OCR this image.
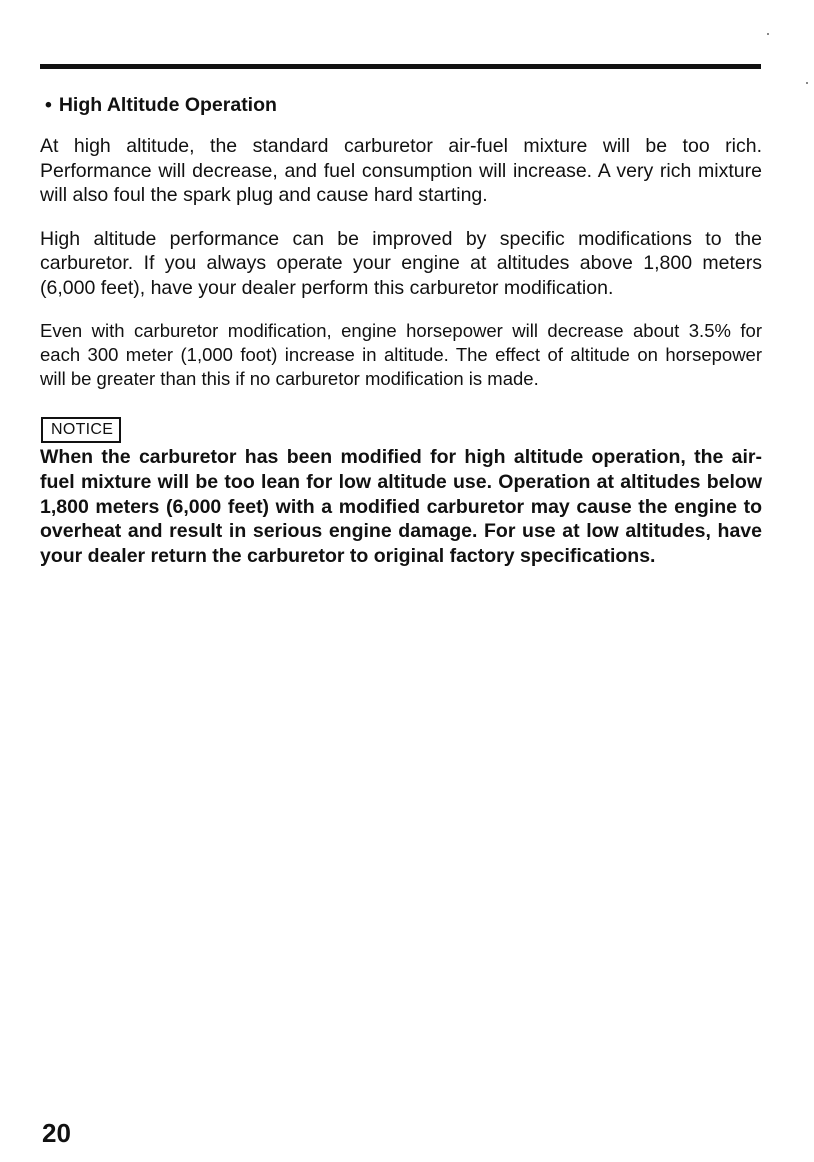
• High Altitude Operation

At high altitude, the standard carburetor air-fuel mixture will be too rich. Performance will decrease, and fuel consumption will increase. A very rich mixture will also foul the spark plug and cause hard starting.

High altitude performance can be improved by specific modifications to the carburetor. If you always operate your engine at altitudes above 1,800 meters (6,000 feet), have your dealer perform this carburetor modification.

Even with carburetor modification, engine horsepower will decrease about 3.5% for each 300 meter (1,000 foot) increase in altitude. The effect of altitude on horsepower will be greater than this if no carburetor modification is made.

NOTICE

When the carburetor has been modified for high altitude operation, the air-fuel mixture will be too lean for low altitude use. Operation at altitudes below 1,800 meters (6,000 feet) with a modified carburetor may cause the engine to overheat and result in serious engine damage. For use at low altitudes, have your dealer return the carburetor to original factory specifications.

20
